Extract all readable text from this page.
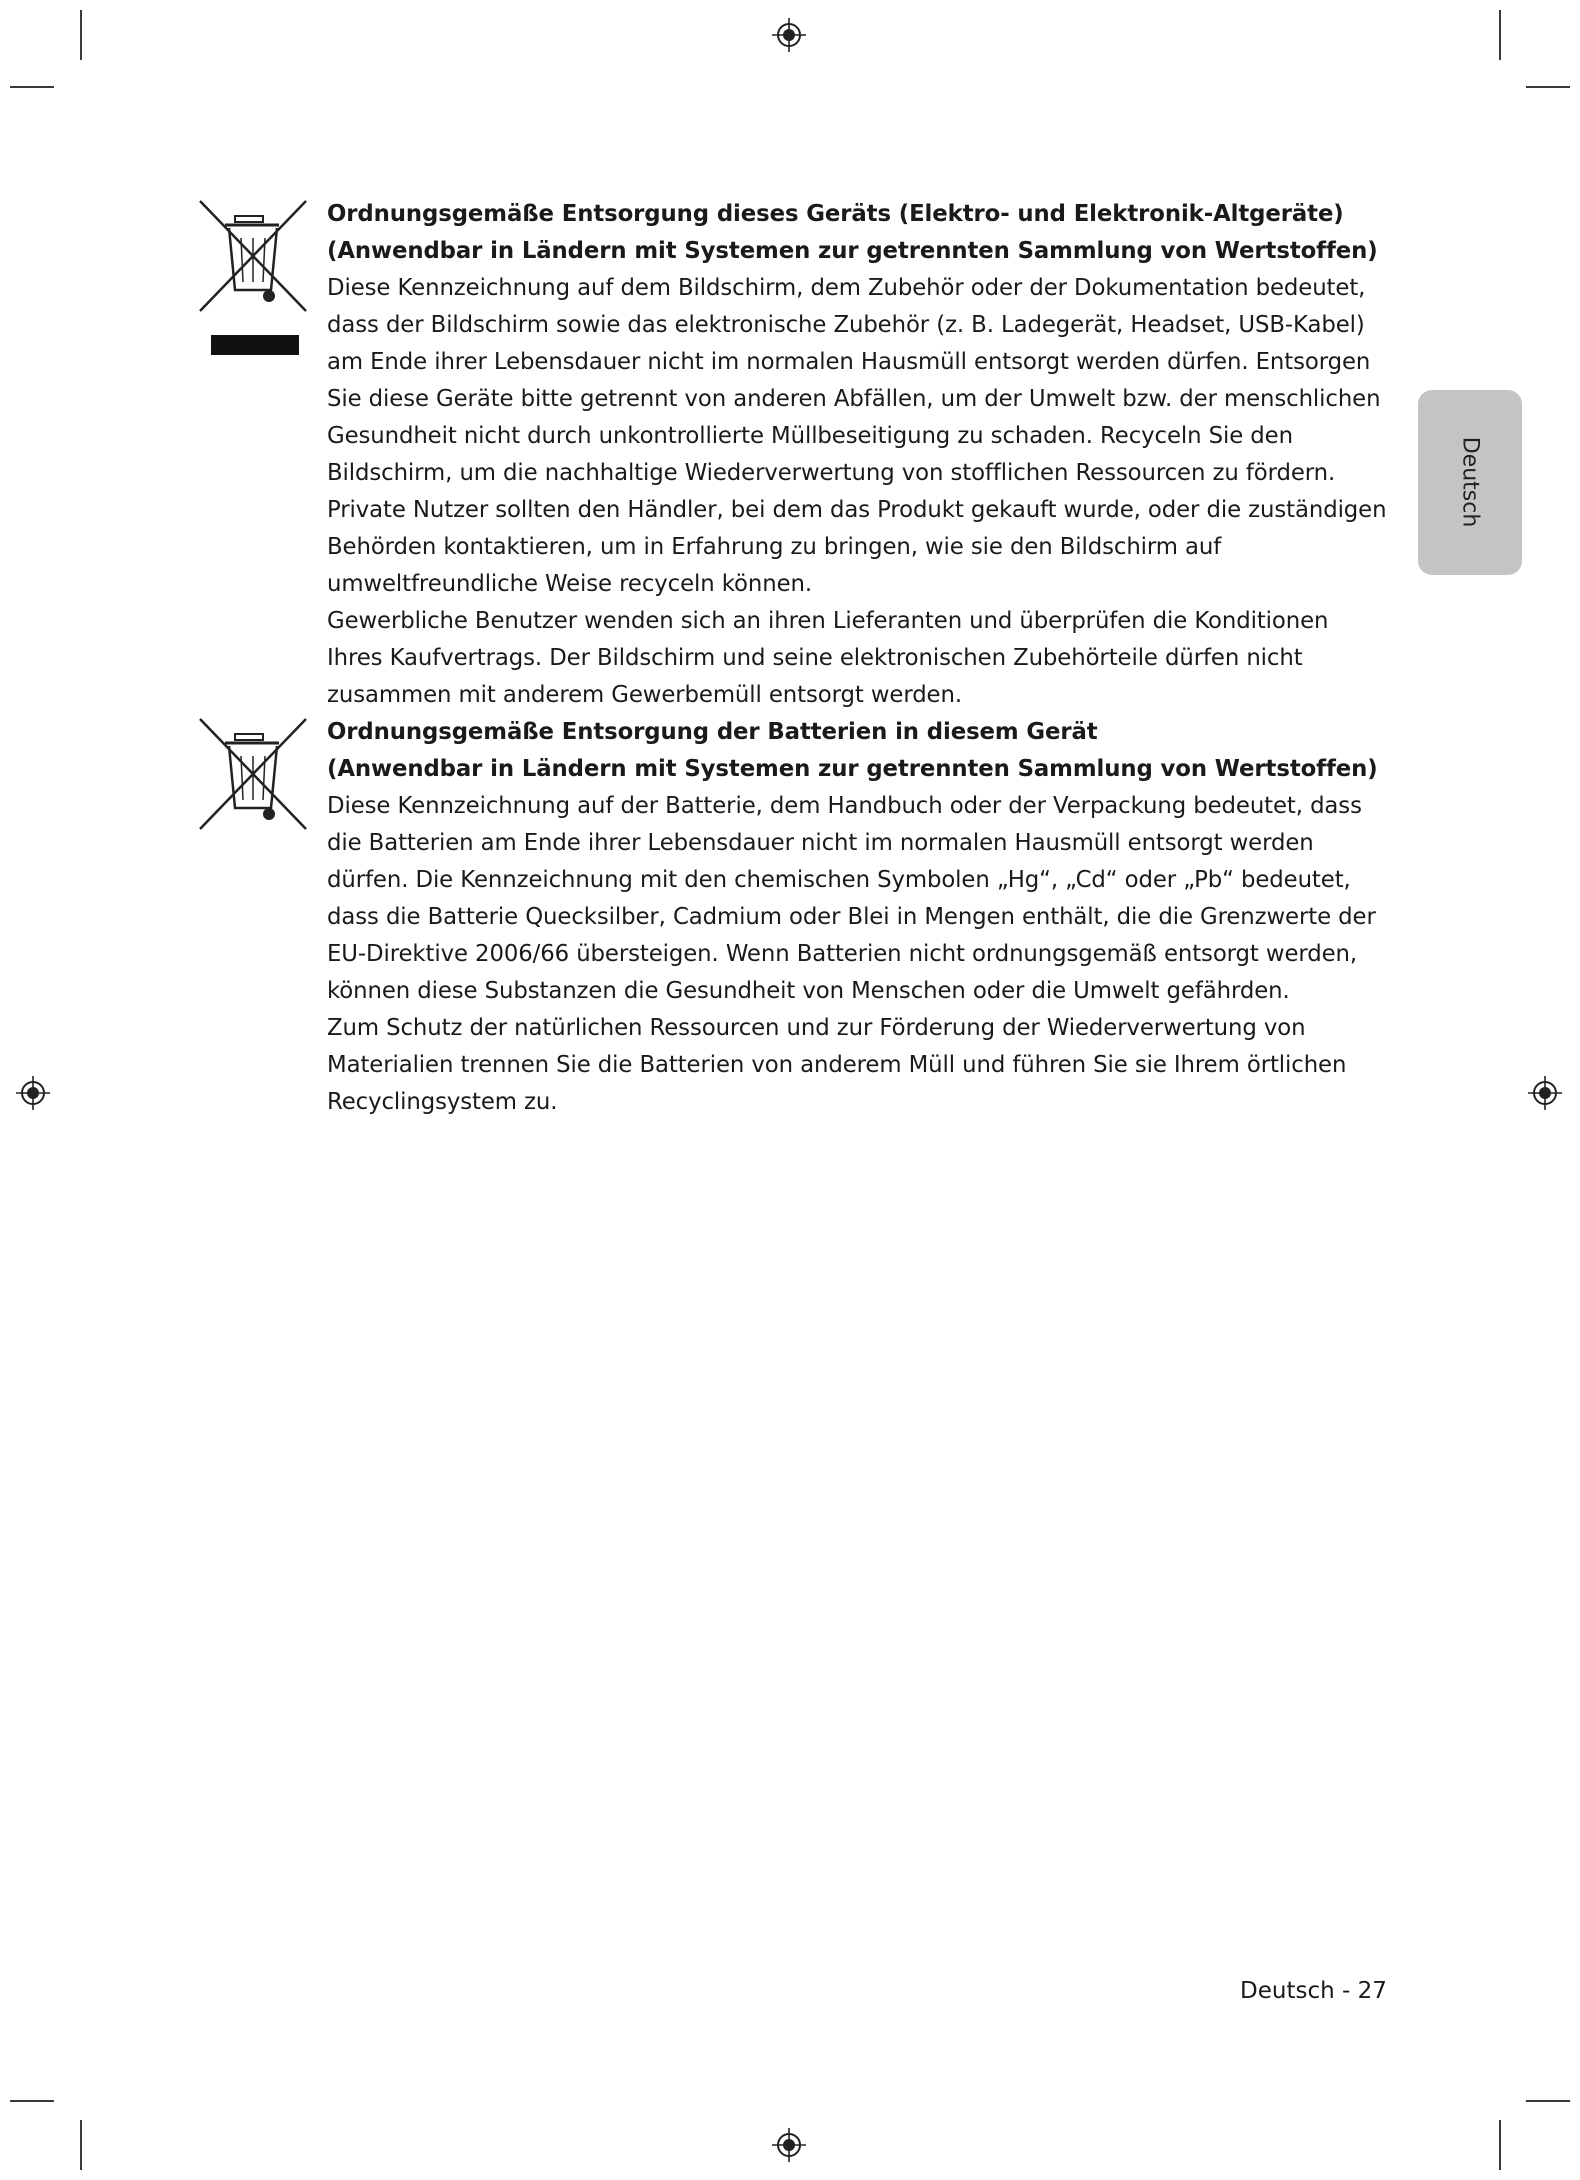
Ordnungsgemäße Entsorgung dieses Geräts (Elektro- und Elektronik-Altgeräte)

(Anwendbar in Ländern mit Systemen zur getrennten Sammlung von Wertstoffen)

Diese Kennzeichnung auf dem Bildschirm, dem Zubehör oder der Dokumentation bedeutet, dass der Bildschirm sowie das elektronische Zubehör (z. B. Ladegerät, Headset, USB-Kabel) am Ende ihrer Lebensdauer nicht im normalen Hausmüll entsorgt werden dürfen. Entsorgen Sie diese Geräte bitte getrennt von anderen Abfällen, um der Umwelt bzw. der menschlichen Gesundheit nicht durch unkontrollierte Müllbeseitigung zu schaden. Recyceln Sie den Bildschirm, um die nachhaltige Wiederverwertung von stofflichen Ressourcen zu fördern.

Private Nutzer sollten den Händler, bei dem das Produkt gekauft wurde, oder die zuständigen Behörden kontaktieren, um in Erfahrung zu bringen, wie sie den Bildschirm auf umweltfreundliche Weise recyceln können.

Gewerbliche Benutzer wenden sich an ihren Lieferanten und überprüfen die Konditionen Ihres Kaufvertrags. Der Bildschirm und seine elektronischen Zubehörteile dürfen nicht zusammen mit anderem Gewerbemüll entsorgt werden.

Ordnungsgemäße Entsorgung der Batterien in diesem Gerät

(Anwendbar in Ländern mit Systemen zur getrennten Sammlung von Wertstoffen)

Diese Kennzeichnung auf der Batterie, dem Handbuch oder der Verpackung bedeutet, dass die Batterien am Ende ihrer Lebensdauer nicht im normalen Hausmüll entsorgt werden dürfen. Die Kennzeichnung mit den chemischen Symbolen „Hg“, „Cd“ oder „Pb“ bedeutet, dass die Batterie Quecksilber, Cadmium oder Blei in Mengen enthält, die die Grenzwerte der EU-Direktive 2006/66 übersteigen. Wenn Batterien nicht ordnungsgemäß entsorgt werden, können diese Substanzen die Gesundheit von Menschen oder die Umwelt gefährden.

Zum Schutz der natürlichen Ressourcen und zur Förderung der Wiederverwertung von Materialien trennen Sie die Batterien von anderem Müll und führen Sie sie Ihrem örtlichen Recyclingsystem zu.

Deutsch
Deutsch - 27
